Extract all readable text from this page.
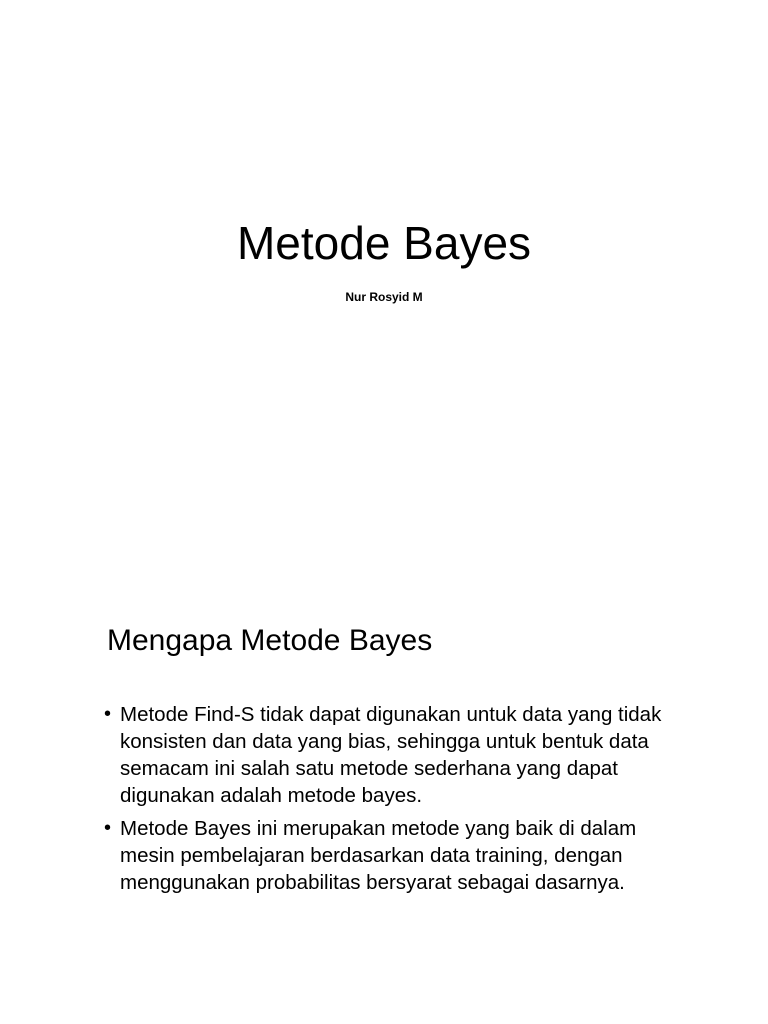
Metode Bayes
Nur Rosyid M
Mengapa Metode Bayes
• Metode Find-S tidak dapat digunakan untuk data yang tidak konsisten dan data yang bias, sehingga untuk bentuk data semacam ini salah satu metode sederhana yang dapat digunakan adalah metode bayes.
• Metode Bayes ini merupakan metode yang baik di dalam mesin pembelajaran berdasarkan data training, dengan menggunakan probabilitas bersyarat sebagai dasarnya.
